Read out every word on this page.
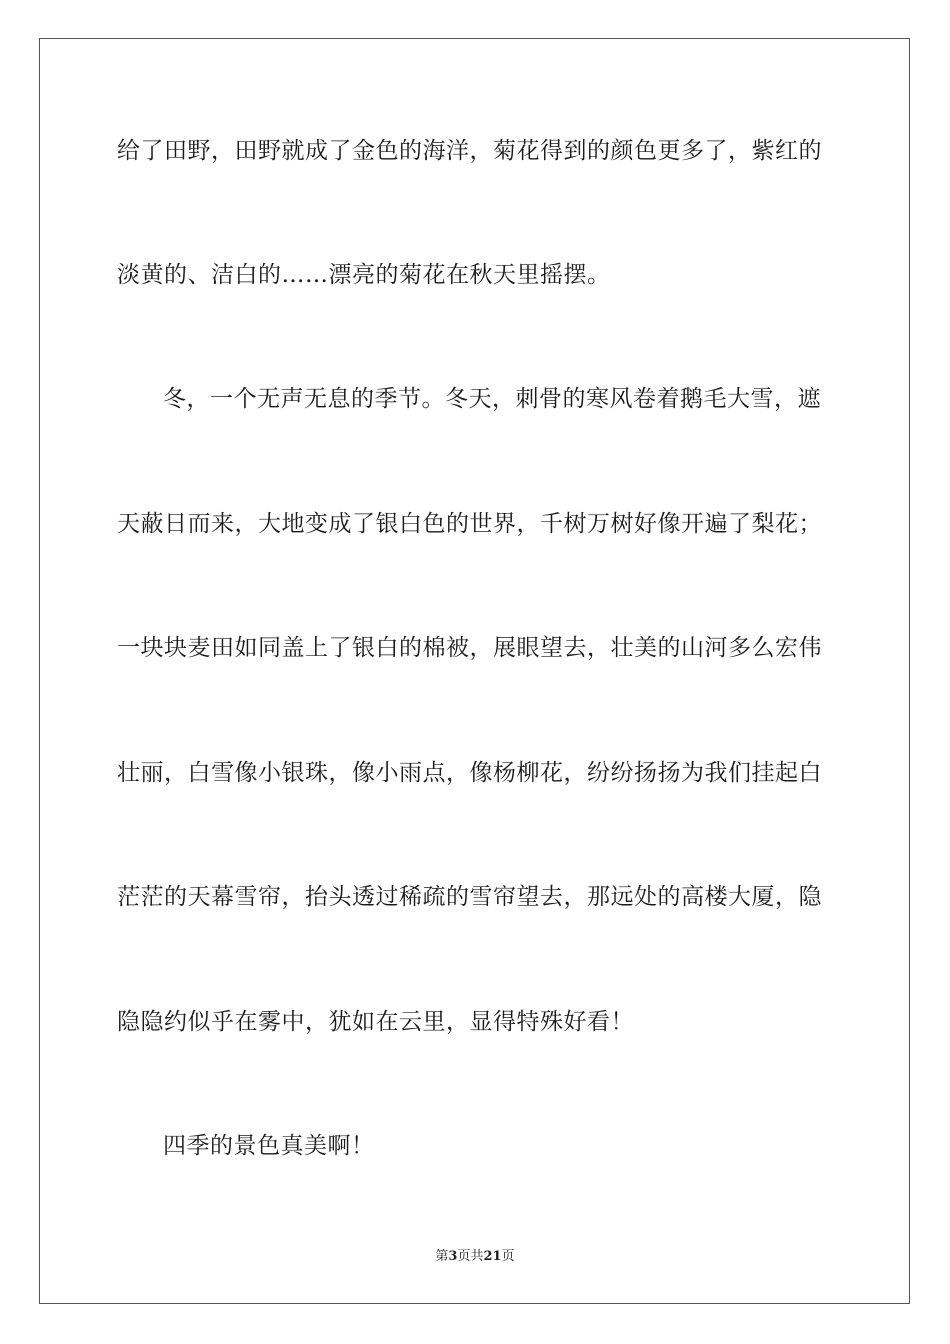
给了田野，田野就成了金色的海洋，菊花得到的颜色更多了，紫红的
淡黄的、洁白的……漂亮的菊花在秋天里摇摆。
冬，一个无声无息的季节。冬天，刺骨的寒风卷着鹅毛大雪，遮
天蔽日而来，大地变成了银白色的世界，千树万树好像开遍了梨花；
一块块麦田如同盖上了银白的棉被，展眼望去，壮美的山河多么宏伟
壮丽，白雪像小银珠，像小雨点，像杨柳花，纷纷扬扬为我们挂起白
茫茫的天幕雪帘，抬头透过稀疏的雪帘望去，那远处的高楼大厦，隐
隐隐约似乎在雾中，犹如在云里，显得特殊好看！
四季的景色真美啊！
第3页共21页
